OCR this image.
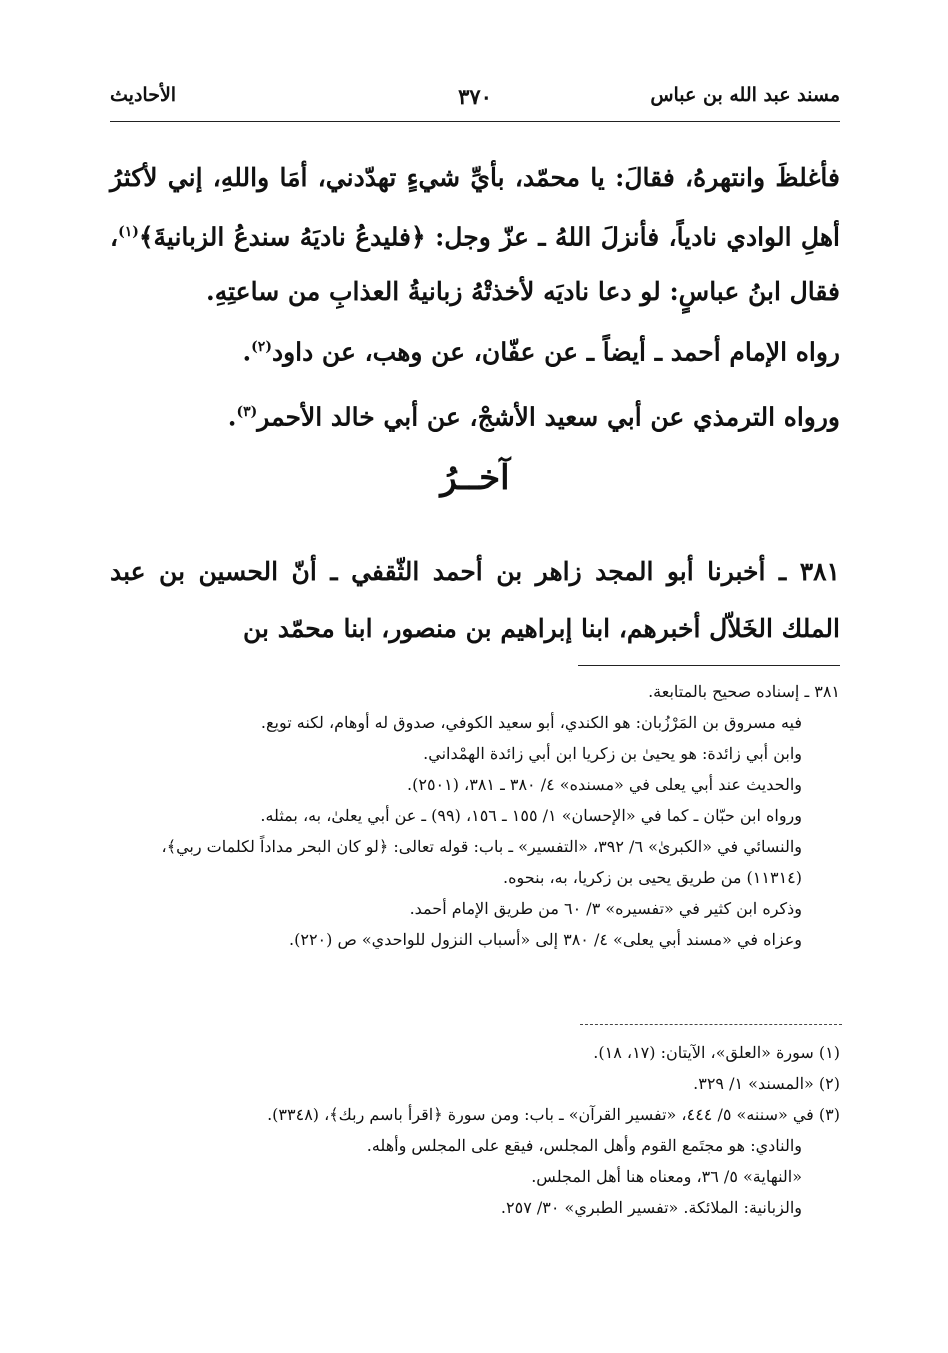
مسند عبد الله بن عباس
٣٧٠
الأحاديث

فأغلظَ وانتهرهُ، فقالَ: يا محمّد، بأيِّ شيءٍ تهدّدني، أمَا واللهِ، إني لأكثرُ أهلِ الوادي نادياً، فأنزلَ اللهُ ـ عزّ وجل: ﴿فليدعُ ناديَهُ سندعُ الزبانيةَ﴾$^{(١)}$، فقال ابنُ عباسٍ: لو دعا ناديَه لأخذتْهُ زبانيةُ العذابِ من ساعتِهِ.

رواه الإمام أحمد ـ أيضاً ـ عن عفّان، عن وهب، عن داود$^{(٢)}$.

ورواه الترمذي عن أبي سعيد الأشجْ، عن أبي خالد الأحمر$^{(٣)}$.

آخــرُ

٣٨١ ـ أخبرنا أبو المجد زاهر بن أحمد الثّقفي ـ أنّ الحسين بن عبد الملك الخَلاّل أخبرهم، ابنا إبراهيم بن منصور، ابنا محمّد بن

٣٨١ ـ إسناده صحيح بالمتابعة.

فيه مسروق بن المَرْزُبان: هو الكندي، أبو سعيد الكوفي، صدوق له أوهام، لكنه تويع.

وابن أبي زائدة: هو يحيىٰ بن زكريا ابن أبي زائدة الهمْداني.

والحديث عند أبي يعلى في «مسنده» ٤/ ٣٨٠ ـ ٣٨١، (٢٥٠١).

ورواه ابن حبّان ـ كما في «الإحسان» ١/ ١٥٥ ـ ١٥٦، (٩٩) ـ عن أبي يعلىٰ، به، بمثله.

والنسائي في «الكبرىٰ» ٦/ ٣٩٢، «التفسير» ـ باب: قوله تعالى: ﴿لو كان البحر مداداً لكلمات ربي﴾، (١١٣١٤) من طريق يحيى بن زكريا، به، بنحوه.

وذكره ابن كثير في «تفسيره» ٣/ ٦٠ من طريق الإمام أحمد.

وعزاه في «مسند أبي يعلى» ٤/ ٣٨٠ إلى «أسباب النزول للواحدي» ص (٢٢٠).

(١) سورة «العلق»، الآيتان: (١٧، ١٨).

(٢) «المسند» ١/ ٣٢٩.

(٣) في «سننه» ٥/ ٤٤٤، «تفسير القرآن» ـ باب: ومن سورة ﴿اقرأ باسم ربك﴾، (٣٣٤٨).

والنادي: هو مجتَمع القوم وأهل المجلس، فيقع على المجلس وأهله.

«النهاية» ٥/ ٣٦، ومعناه هنا أهل المجلس.

والزبانية: الملائكة. «تفسير الطبري» ٣٠/ ٢٥٧.
